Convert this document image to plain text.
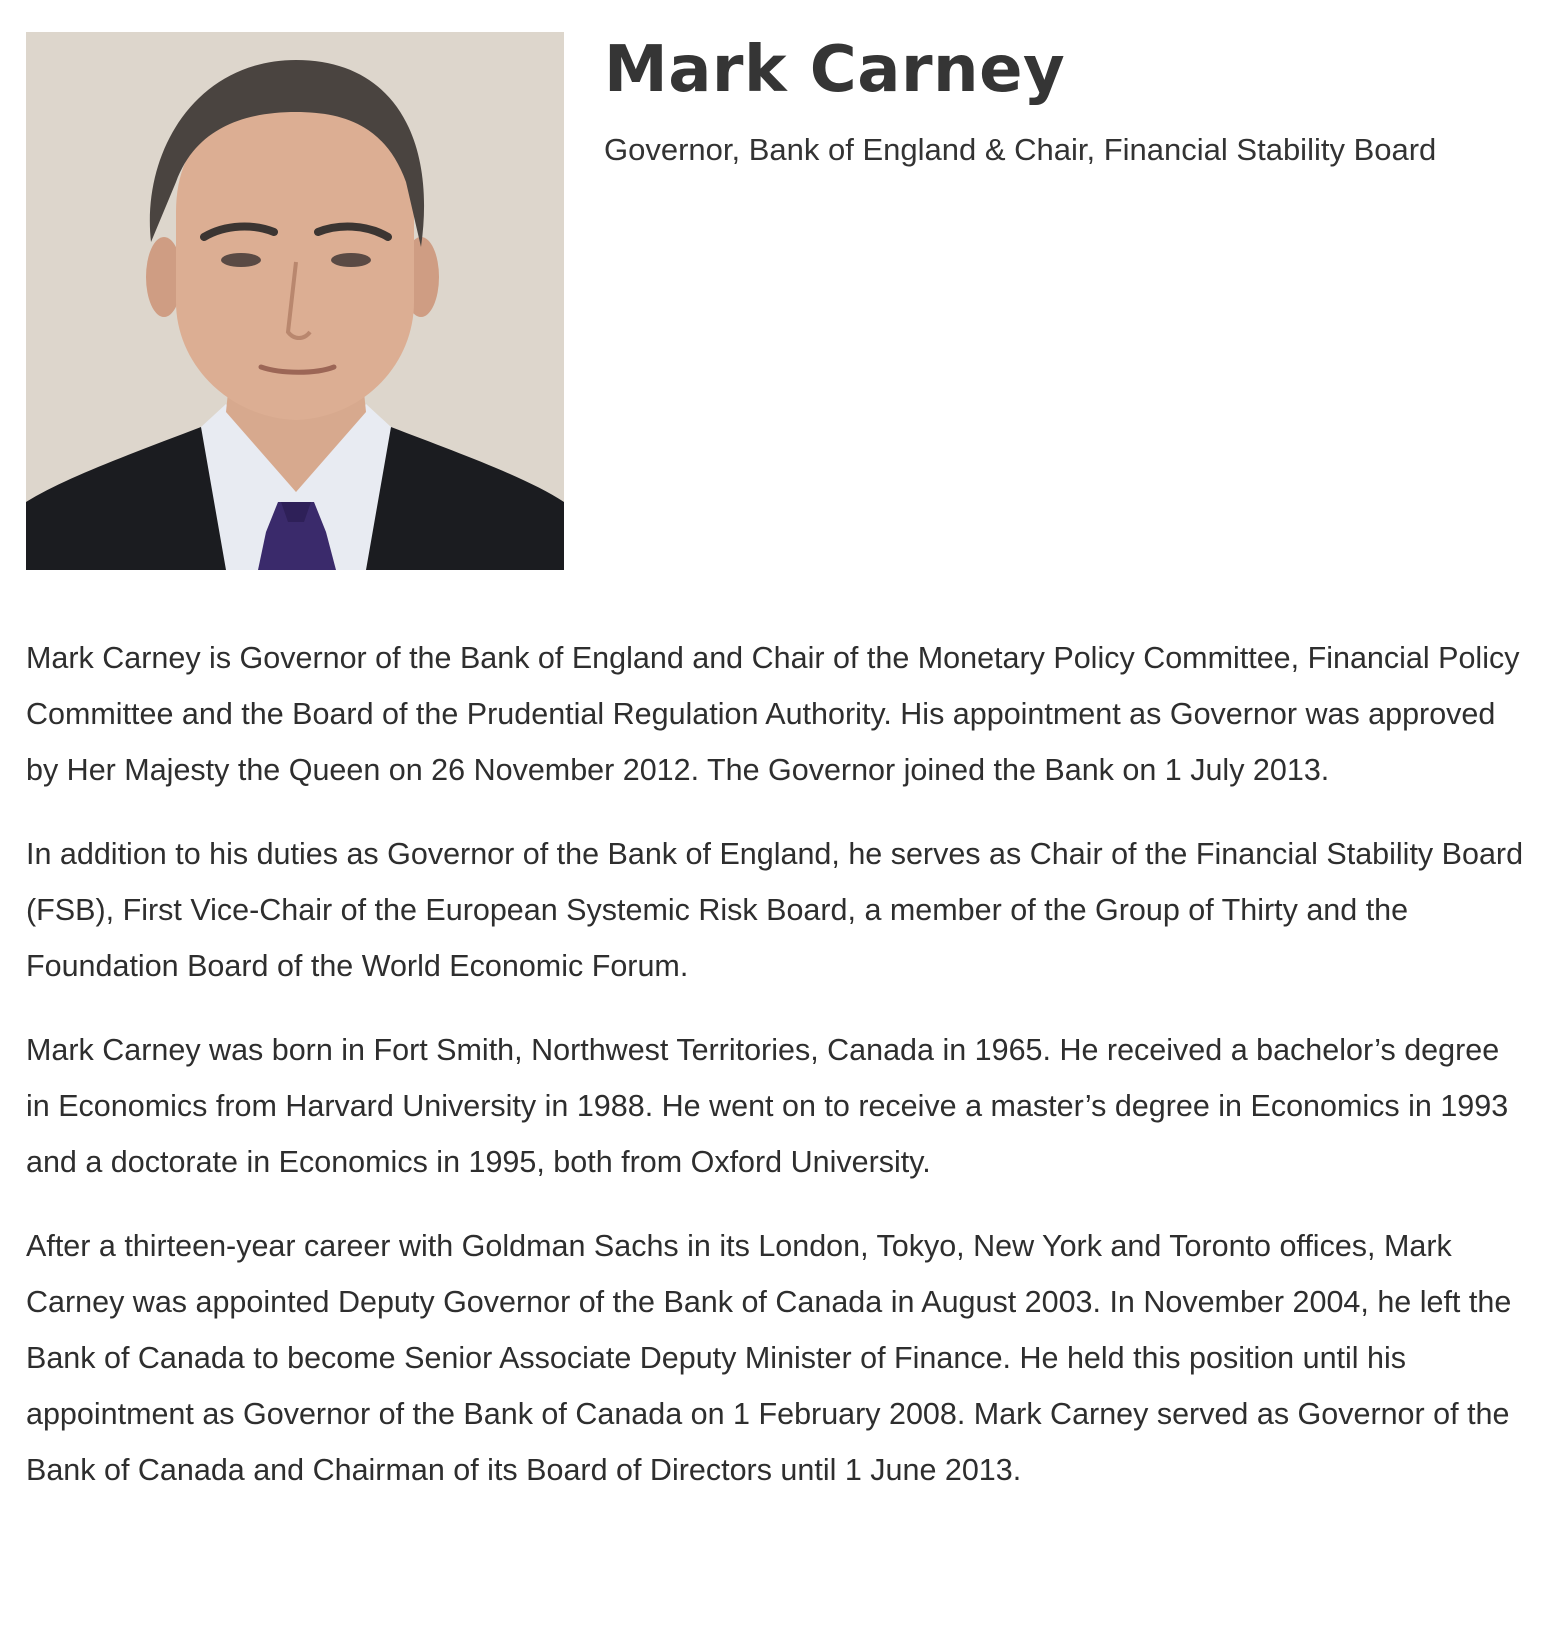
Mark Carney
Governor, Bank of England & Chair, Financial Stability Board

Mark Carney is Governor of the Bank of England and Chair of the Monetary Policy Committee, Financial Policy Committee and the Board of the Prudential Regulation Authority. His appointment as Governor was approved by Her Majesty the Queen on 26 November 2012. The Governor joined the Bank on 1 July 2013.

In addition to his duties as Governor of the Bank of England, he serves as Chair of the Financial Stability Board (FSB), First Vice-Chair of the European Systemic Risk Board, a member of the Group of Thirty and the Foundation Board of the World Economic Forum.

Mark Carney was born in Fort Smith, Northwest Territories, Canada in 1965. He received a bachelor’s degree in Economics from Harvard University in 1988. He went on to receive a master’s degree in Economics in 1993 and a doctorate in Economics in 1995, both from Oxford University.

After a thirteen-year career with Goldman Sachs in its London, Tokyo, New York and Toronto offices, Mark Carney was appointed Deputy Governor of the Bank of Canada in August 2003. In November 2004, he left the Bank of Canada to become Senior Associate Deputy Minister of Finance. He held this position until his appointment as Governor of the Bank of Canada on 1 February 2008. Mark Carney served as Governor of the Bank of Canada and Chairman of its Board of Directors until 1 June 2013.
